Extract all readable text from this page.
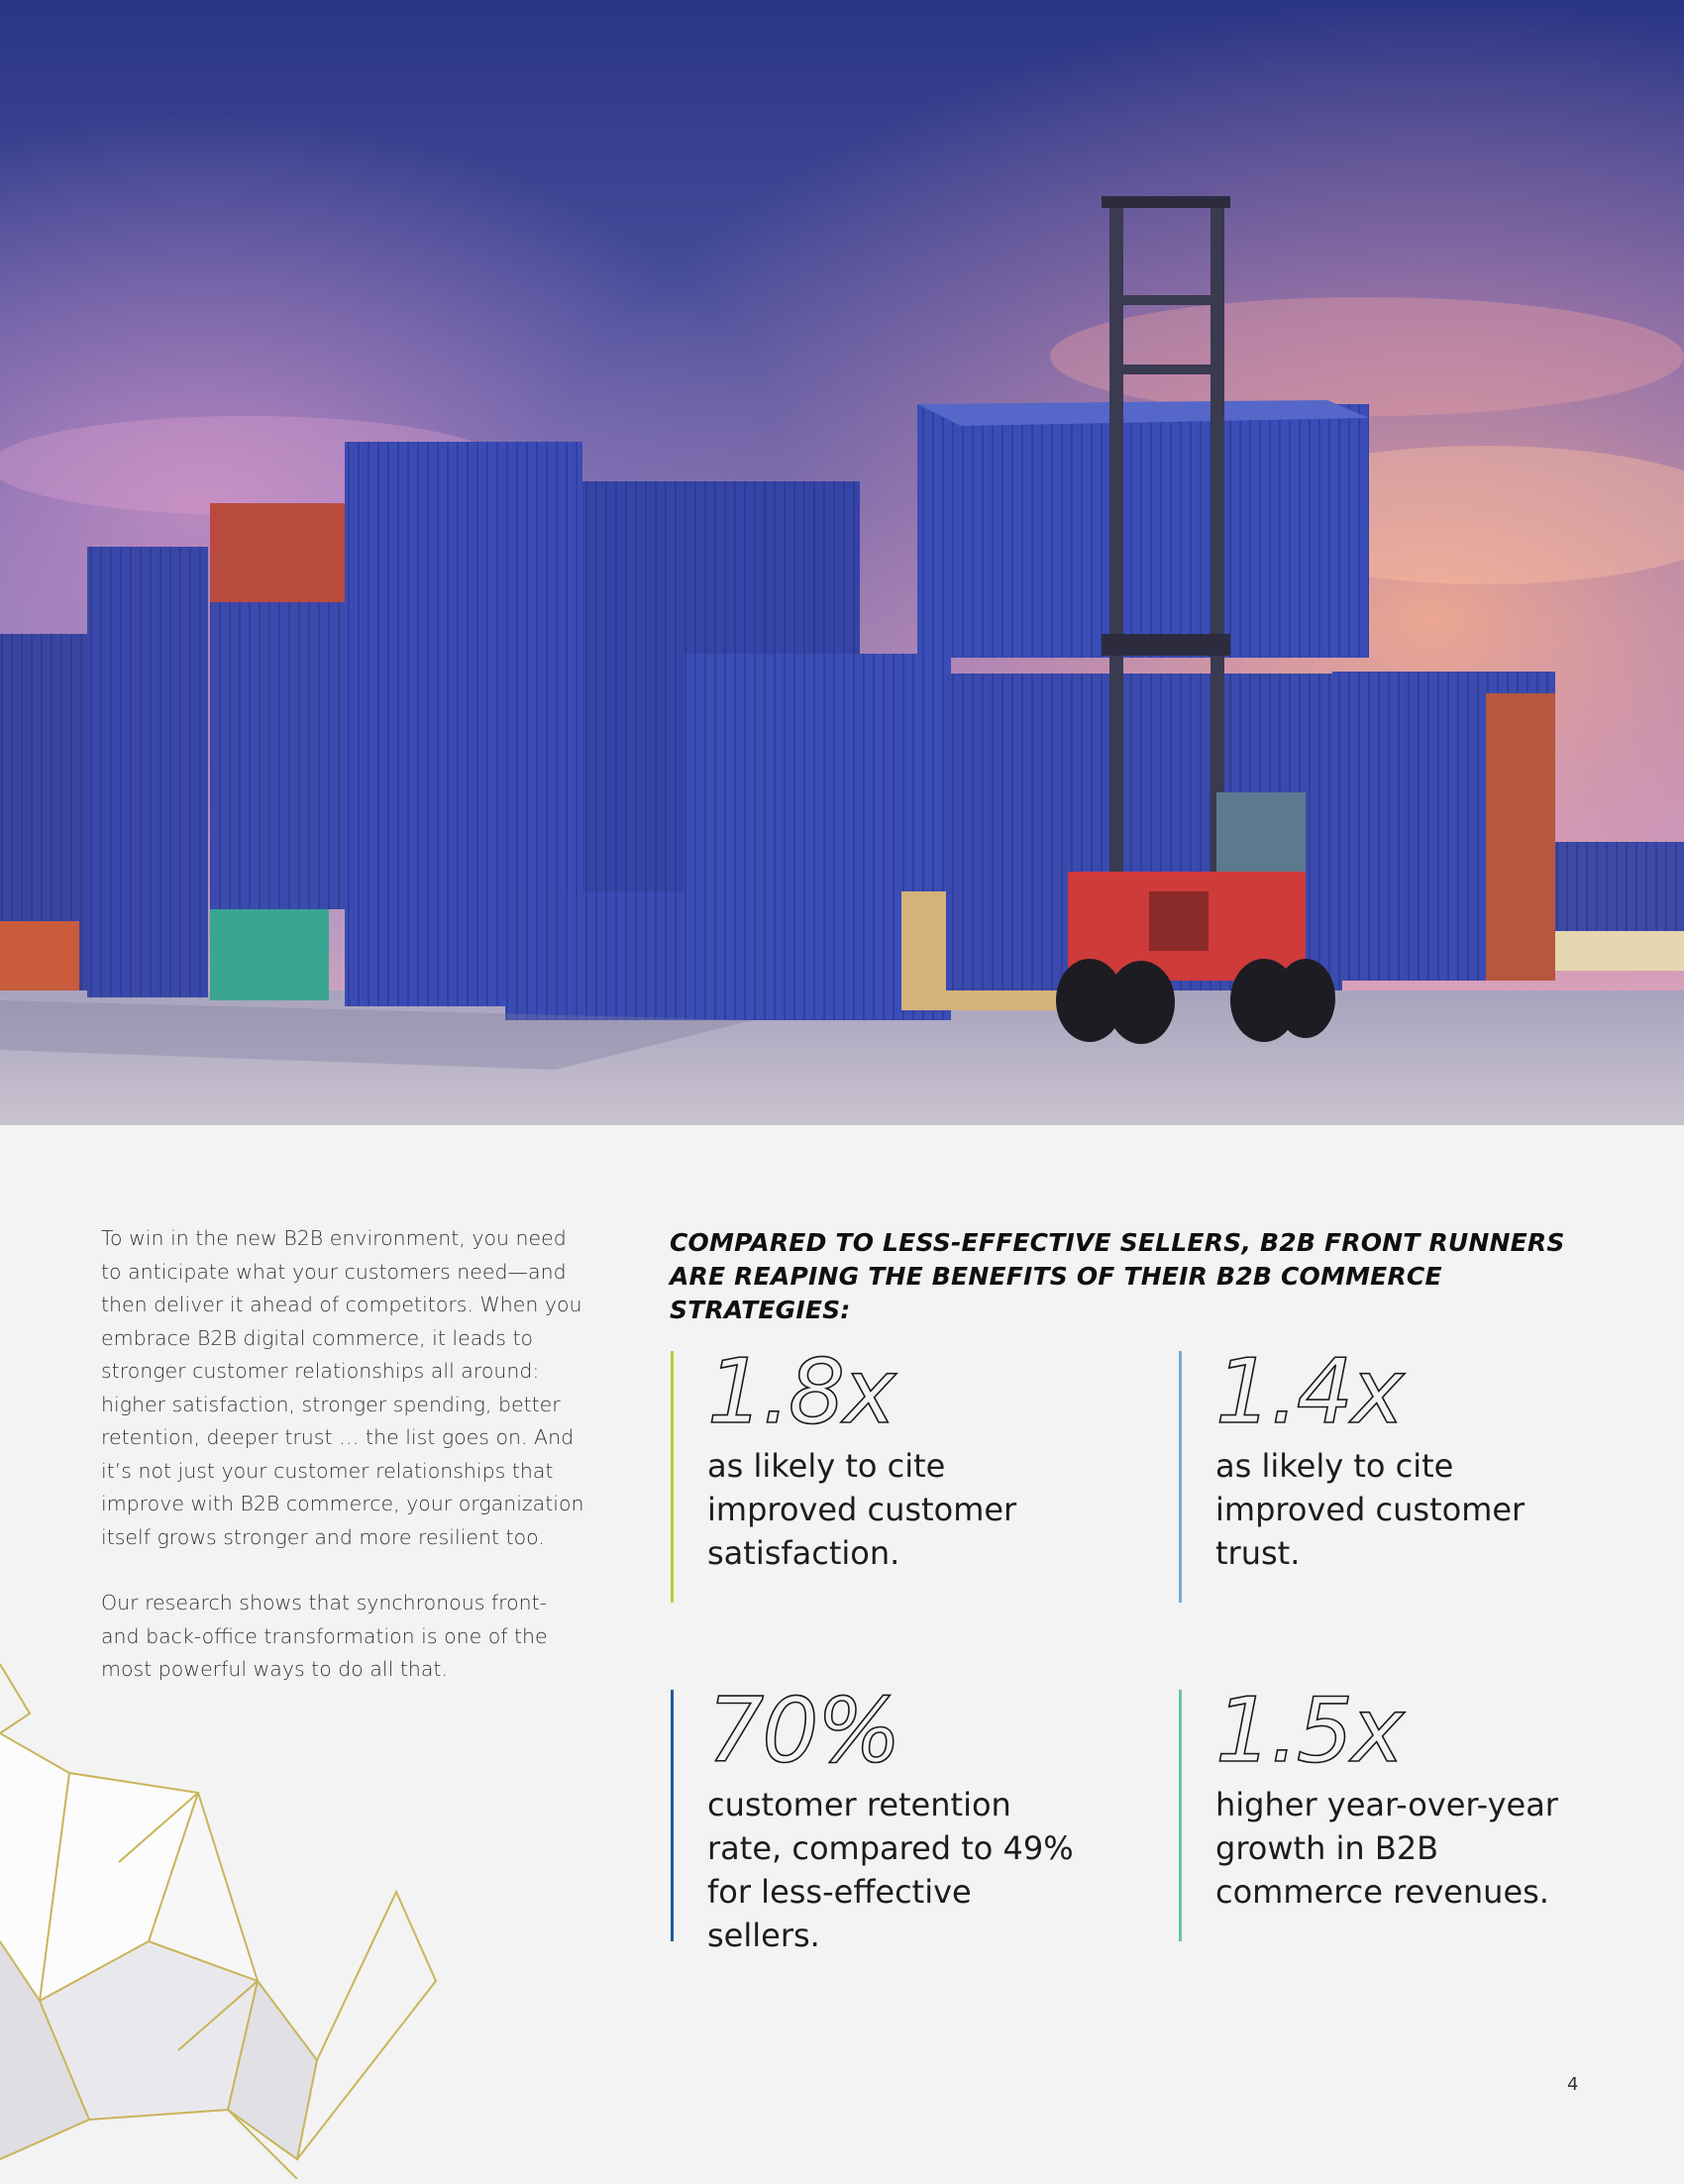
To win in the new B2B environment, you need to anticipate what your customers need—and then deliver it ahead of competitors. When you embrace B2B digital commerce, it leads to stronger customer relationships all around: higher satisfaction, stronger spending, better retention, deeper trust … the list goes on. And it’s not just your customer relationships that improve with B2B commerce, your organization itself grows stronger and more resilient too.

Our research shows that synchronous front- and back-office transformation is one of the most powerful ways to do all that.

COMPARED TO LESS-EFFECTIVE SELLERS, B2B FRONT RUNNERS ARE REAPING THE BENEFITS OF THEIR B2B COMMERCE STRATEGIES:
1.8x
as likely to cite improved customer satisfaction.
1.4x
as likely to cite improved customer trust.
70%
customer retention rate, compared to 49% for less-effective sellers.
1.5x
higher year-over-year growth in B2B commerce revenues.
4
